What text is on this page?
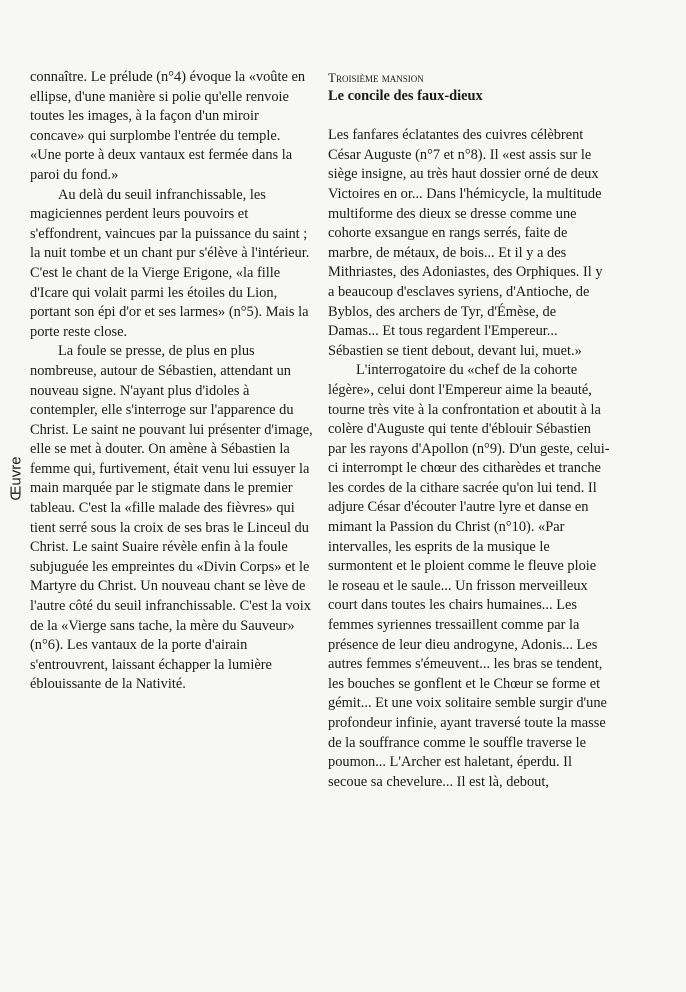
Œuvre

connaître. Le prélude (n°4) évoque la «voûte en ellipse, d'une manière si polie qu'elle renvoie toutes les images, à la façon d'un miroir concave» qui surplombe l'entrée du temple. «Une porte à deux vantaux est fermée dans la paroi du fond.»

Au delà du seuil infranchissable, les magiciennes perdent leurs pouvoirs et s'effondrent, vaincues par la puissance du saint ; la nuit tombe et un chant pur s'élève à l'intérieur. C'est le chant de la Vierge Erigone, «la fille d'Icare qui volait parmi les étoiles du Lion, portant son épi d'or et ses larmes» (n°5). Mais la porte reste close.

La foule se presse, de plus en plus nombreuse, autour de Sébastien, attendant un nouveau signe. N'ayant plus d'idoles à contempler, elle s'interroge sur l'apparence du Christ. Le saint ne pouvant lui présenter d'image, elle se met à douter. On amène à Sébastien la femme qui, furtivement, était venu lui essuyer la main marquée par le stigmate dans le premier tableau. C'est la «fille malade des fièvres» qui tient serré sous la croix de ses bras le Linceul du Christ. Le saint Suaire révèle enfin à la foule subjuguée les empreintes du «Divin Corps» et le Martyre du Christ. Un nouveau chant se lève de l'autre côté du seuil infranchissable. C'est la voix de la «Vierge sans tache, la mère du Sauveur» (n°6). Les vantaux de la porte d'airain s'entrouvrent, laissant échapper la lumière éblouissante de la Nativité.

Troisième mansion
Le concile des faux-dieux

Les fanfares éclatantes des cuivres célèbrent César Auguste (n°7 et n°8). Il «est assis sur le siège insigne, au très haut dossier orné de deux Victoires en or... Dans l'hémicycle, la multitude multiforme des dieux se dresse comme une cohorte exsangue en rangs serrés, faite de marbre, de métaux, de bois... Et il y a des Mithriastes, des Adoniastes, des Orphiques. Il y a beaucoup d'esclaves syriens, d'Antioche, de Byblos, des archers de Tyr, d'Émèse, de Damas... Et tous regardent l'Empereur... Sébastien se tient debout, devant lui, muet.»

L'interrogatoire du «chef de la cohorte légère», celui dont l'Empereur aime la beauté, tourne très vite à la confrontation et aboutit à la colère d'Auguste qui tente d'éblouir Sébastien par les rayons d'Apollon (n°9). D'un geste, celui-ci interrompt le chœur des citharèdes et tranche les cordes de la cithare sacrée qu'on lui tend. Il adjure César d'écouter l'autre lyre et danse en mimant la Passion du Christ (n°10). «Par intervalles, les esprits de la musique le surmontent et le ploient comme le fleuve ploie le roseau et le saule... Un frisson merveilleux court dans toutes les chairs humaines... Les femmes syriennes tressaillent comme par la présence de leur dieu androgyne, Adonis... Les autres femmes s'émeuvent... les bras se tendent, les bouches se gonflent et le Chœur se forme et gémit... Et une voix solitaire semble surgir d'une profondeur infinie, ayant traversé toute la masse de la souffrance comme le souffle traverse le poumon... L'Archer est haletant, éperdu. Il secoue sa chevelure... Il est là, debout,
